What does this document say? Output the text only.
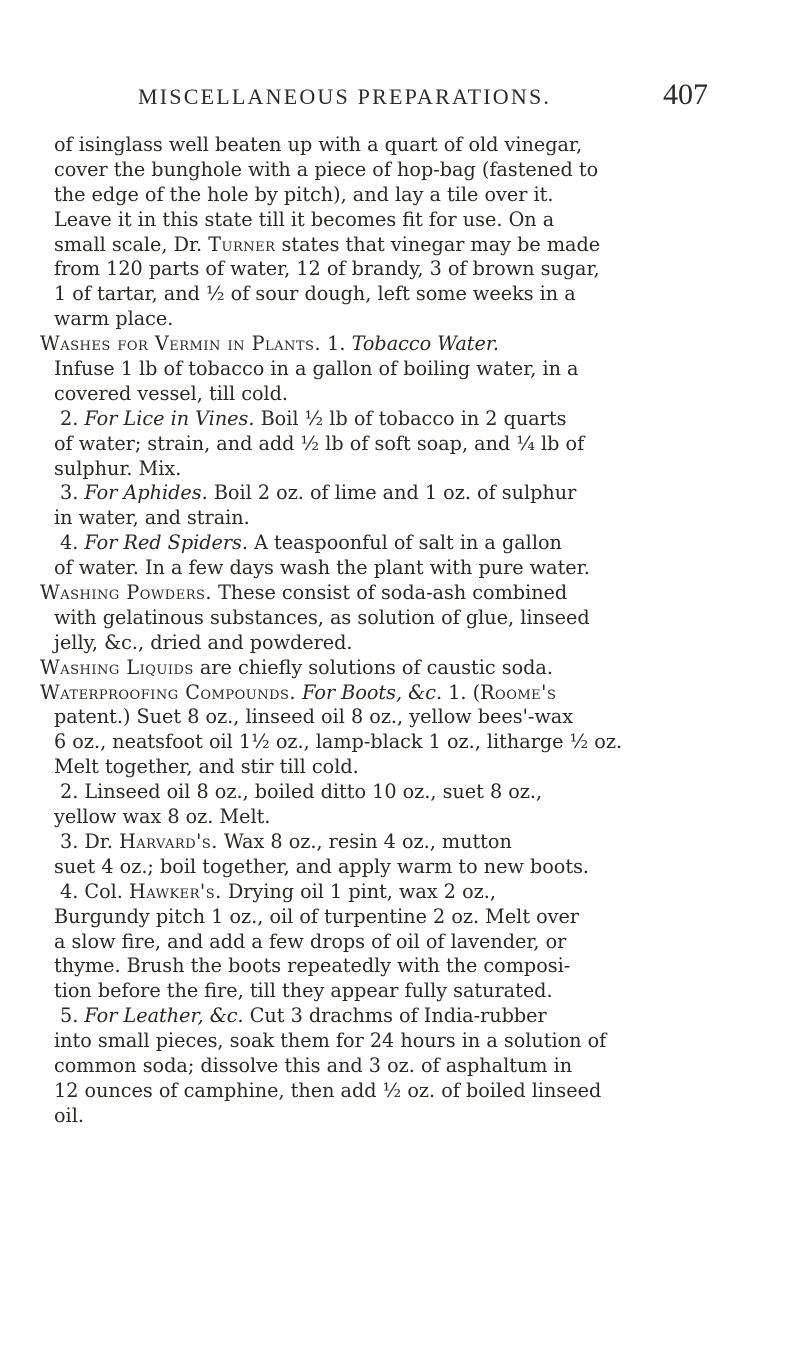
MISCELLANEOUS PREPARATIONS.	407
of isinglass well beaten up with a quart of old vinegar,
cover the bunghole with a piece of hop-bag (fastened to
the edge of the hole by pitch), and lay a tile over it.
Leave it in this state till it becomes fit for use. On a
small scale, Dr. Turner states that vinegar may be made
from 120 parts of water, 12 of brandy, 3 of brown sugar,
1 of tartar, and ½ of sour dough, left some weeks in a
warm place.
Washes for Vermin in Plants. 1. Tobacco Water.
Infuse 1 lb of tobacco in a gallon of boiling water, in a
covered vessel, till cold.
2. For Lice in Vines. Boil ½ lb of tobacco in 2 quarts
of water; strain, and add ½ lb of soft soap, and ¼ lb of
sulphur. Mix.
3. For Aphides. Boil 2 oz. of lime and 1 oz. of sulphur
in water, and strain.
4. For Red Spiders. A teaspoonful of salt in a gallon
of water. In a few days wash the plant with pure water.
Washing Powders. These consist of soda-ash combined
with gelatinous substances, as solution of glue, linseed
jelly, &c., dried and powdered.
Washing Liquids are chiefly solutions of caustic soda.
Waterproofing Compounds. For Boots, &c. 1. (Roome's
patent.) Suet 8 oz., linseed oil 8 oz., yellow bees'-wax
6 oz., neatsfoot oil 1½ oz., lamp-black 1 oz., litharge ½ oz.
Melt together, and stir till cold.
2. Linseed oil 8 oz., boiled ditto 10 oz., suet 8 oz.,
yellow wax 8 oz. Melt.
3. Dr. Harvard's. Wax 8 oz., resin 4 oz., mutton
suet 4 oz.; boil together, and apply warm to new boots.
4. Col. Hawker's. Drying oil 1 pint, wax 2 oz.,
Burgundy pitch 1 oz., oil of turpentine 2 oz. Melt over
a slow fire, and add a few drops of oil of lavender, or
thyme. Brush the boots repeatedly with the composi-
tion before the fire, till they appear fully saturated.
5. For Leather, &c. Cut 3 drachms of India-rubber
into small pieces, soak them for 24 hours in a solution of
common soda; dissolve this and 3 oz. of asphaltum in
12 ounces of camphine, then add ½ oz. of boiled linseed
oil.
